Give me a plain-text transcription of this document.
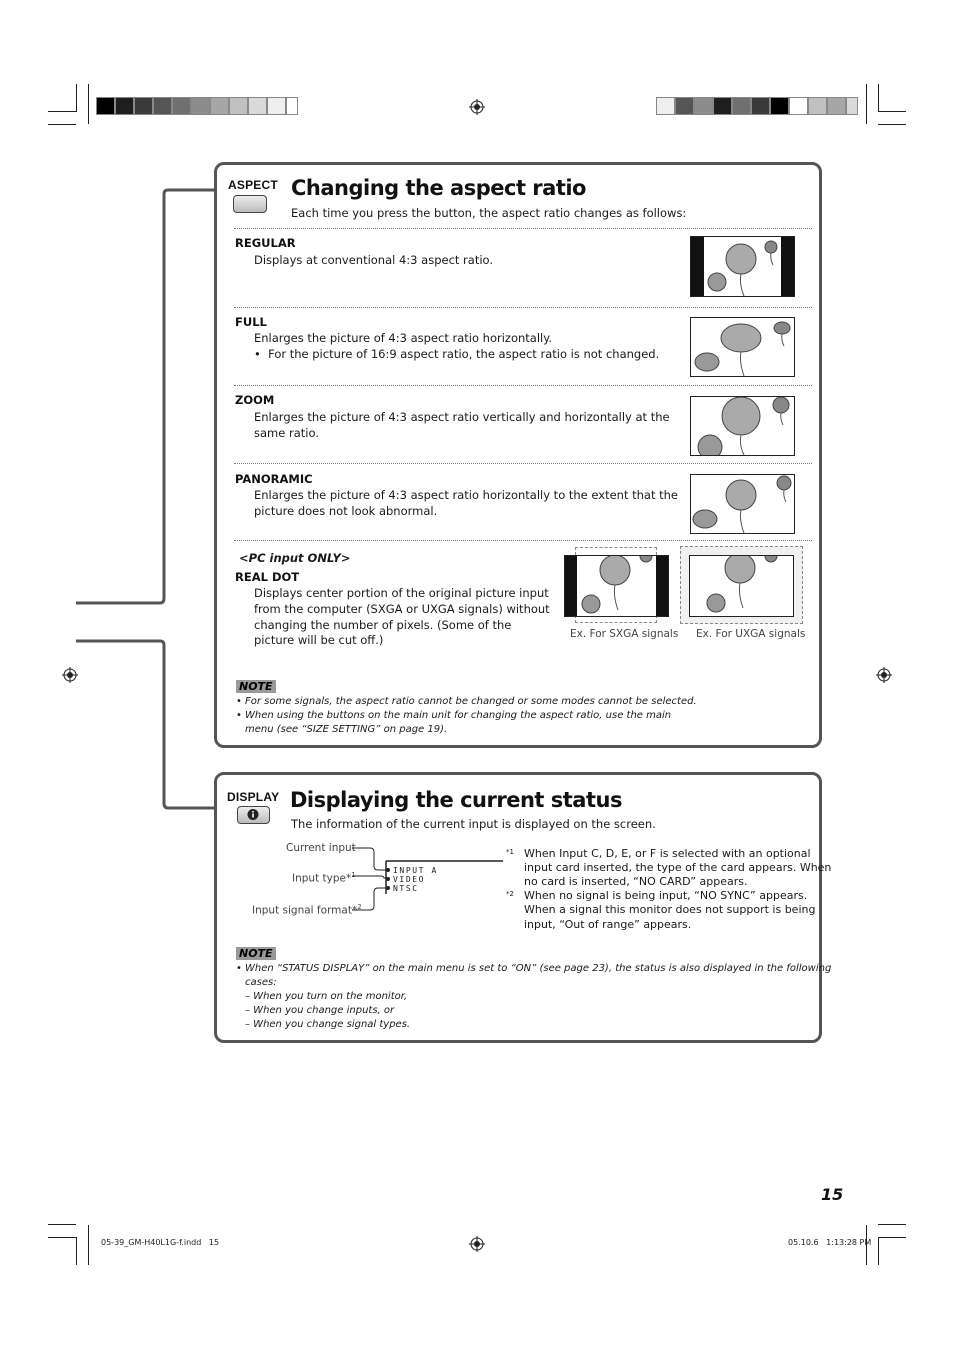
ASPECT Changing the aspect ratio
Each time you press the button, the aspect ratio changes as follows:
REGULAR
Displays at conventional 4:3 aspect ratio.
FULL
Enlarges the picture of 4:3 aspect ratio horizontally.
•  For the picture of 16:9 aspect ratio, the aspect ratio is not changed.
ZOOM
Enlarges the picture of 4:3 aspect ratio vertically and horizontally at the
same ratio.
PANORAMIC
Enlarges the picture of 4:3 aspect ratio horizontally to the extent that the
picture does not look abnormal.
<PC input ONLY>
REAL DOT
Displays center portion of the original picture input
from the computer (SXGA or UXGA signals) without
changing the number of pixels. (Some of the
picture will be cut off.)	Ex. For SXGA signals Ex. For UXGA signals
NOTE
• For some signals, the aspect ratio cannot be changed or some modes cannot be selected.
• When using the buttons on the main unit for changing the aspect ratio, use the main
menu (see “SIZE SETTING” on page 19).
DISPLAY Displaying the current status
The information of the current input is displayed on the screen.
Current input
Input type*$^1$
Input signal format*$^2$
INPUT A
VIDEO
NTSC
*1 When Input C, D, E, or F is selected with an optional
input card inserted, the type of the card appears. When
no card is inserted, “NO CARD” appears.
*2 When no signal is being input, “NO SYNC” appears.
When a signal this monitor does not support is being
input, “Out of range” appears.
NOTE
• When “STATUS DISPLAY” on the main menu is set to “ON” (see page 23), the status is also displayed in the following
cases:
– When you turn on the monitor,
– When you change inputs, or
– When you change signal types.
15
05-39_GM-H40L1G-f.indd   15	05.10.6   1:13:28 PM
